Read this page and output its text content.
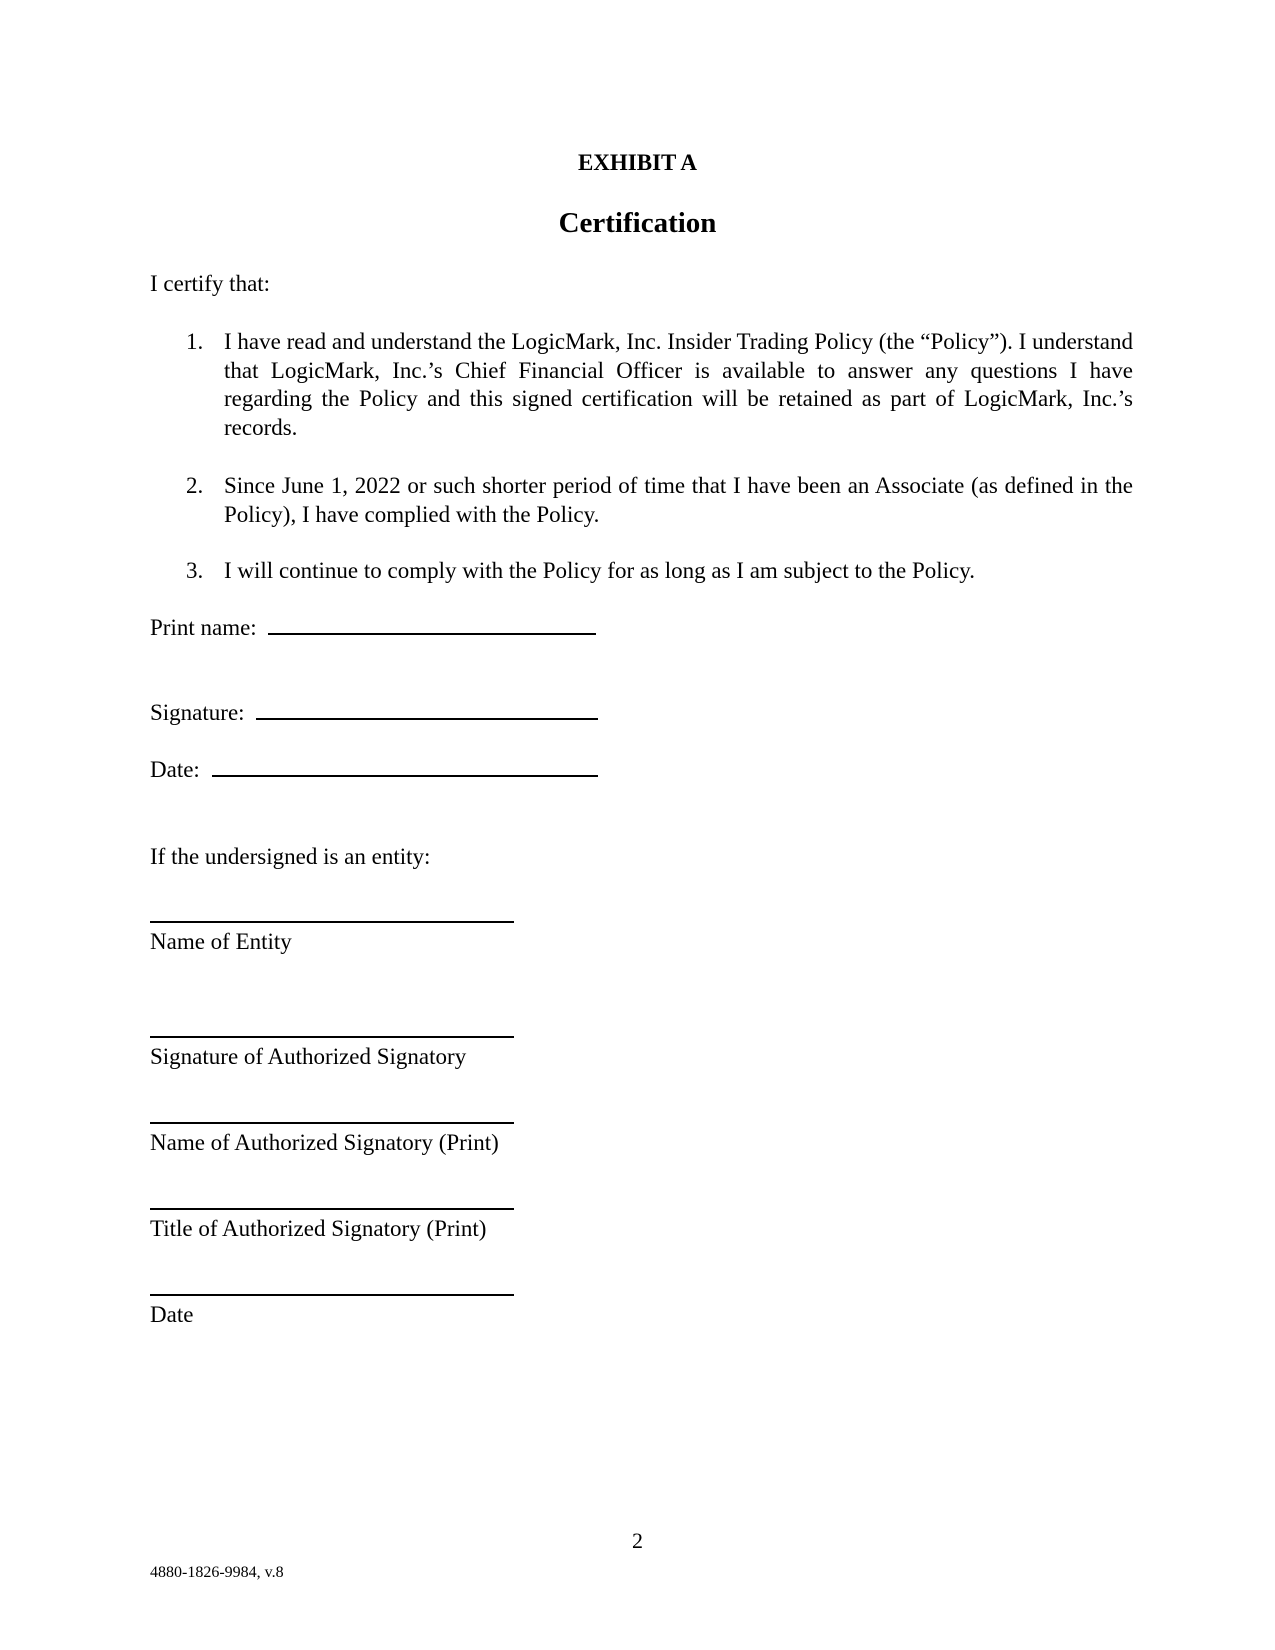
EXHIBIT A
Certification
I certify that:
1. I have read and understand the LogicMark, Inc. Insider Trading Policy (the “Policy”). I understand that LogicMark, Inc.’s Chief Financial Officer is available to answer any questions I have regarding the Policy and this signed certification will be retained as part of LogicMark, Inc.’s records.
2. Since June 1, 2022 or such shorter period of time that I have been an Associate (as defined in the Policy), I have complied with the Policy.
3. I will continue to comply with the Policy for as long as I am subject to the Policy.
Print name:
Signature:
Date:
If the undersigned is an entity:
Name of Entity
Signature of Authorized Signatory
Name of Authorized Signatory (Print)
Title of Authorized Signatory (Print)
Date
2
4880-1826-9984, v.8
